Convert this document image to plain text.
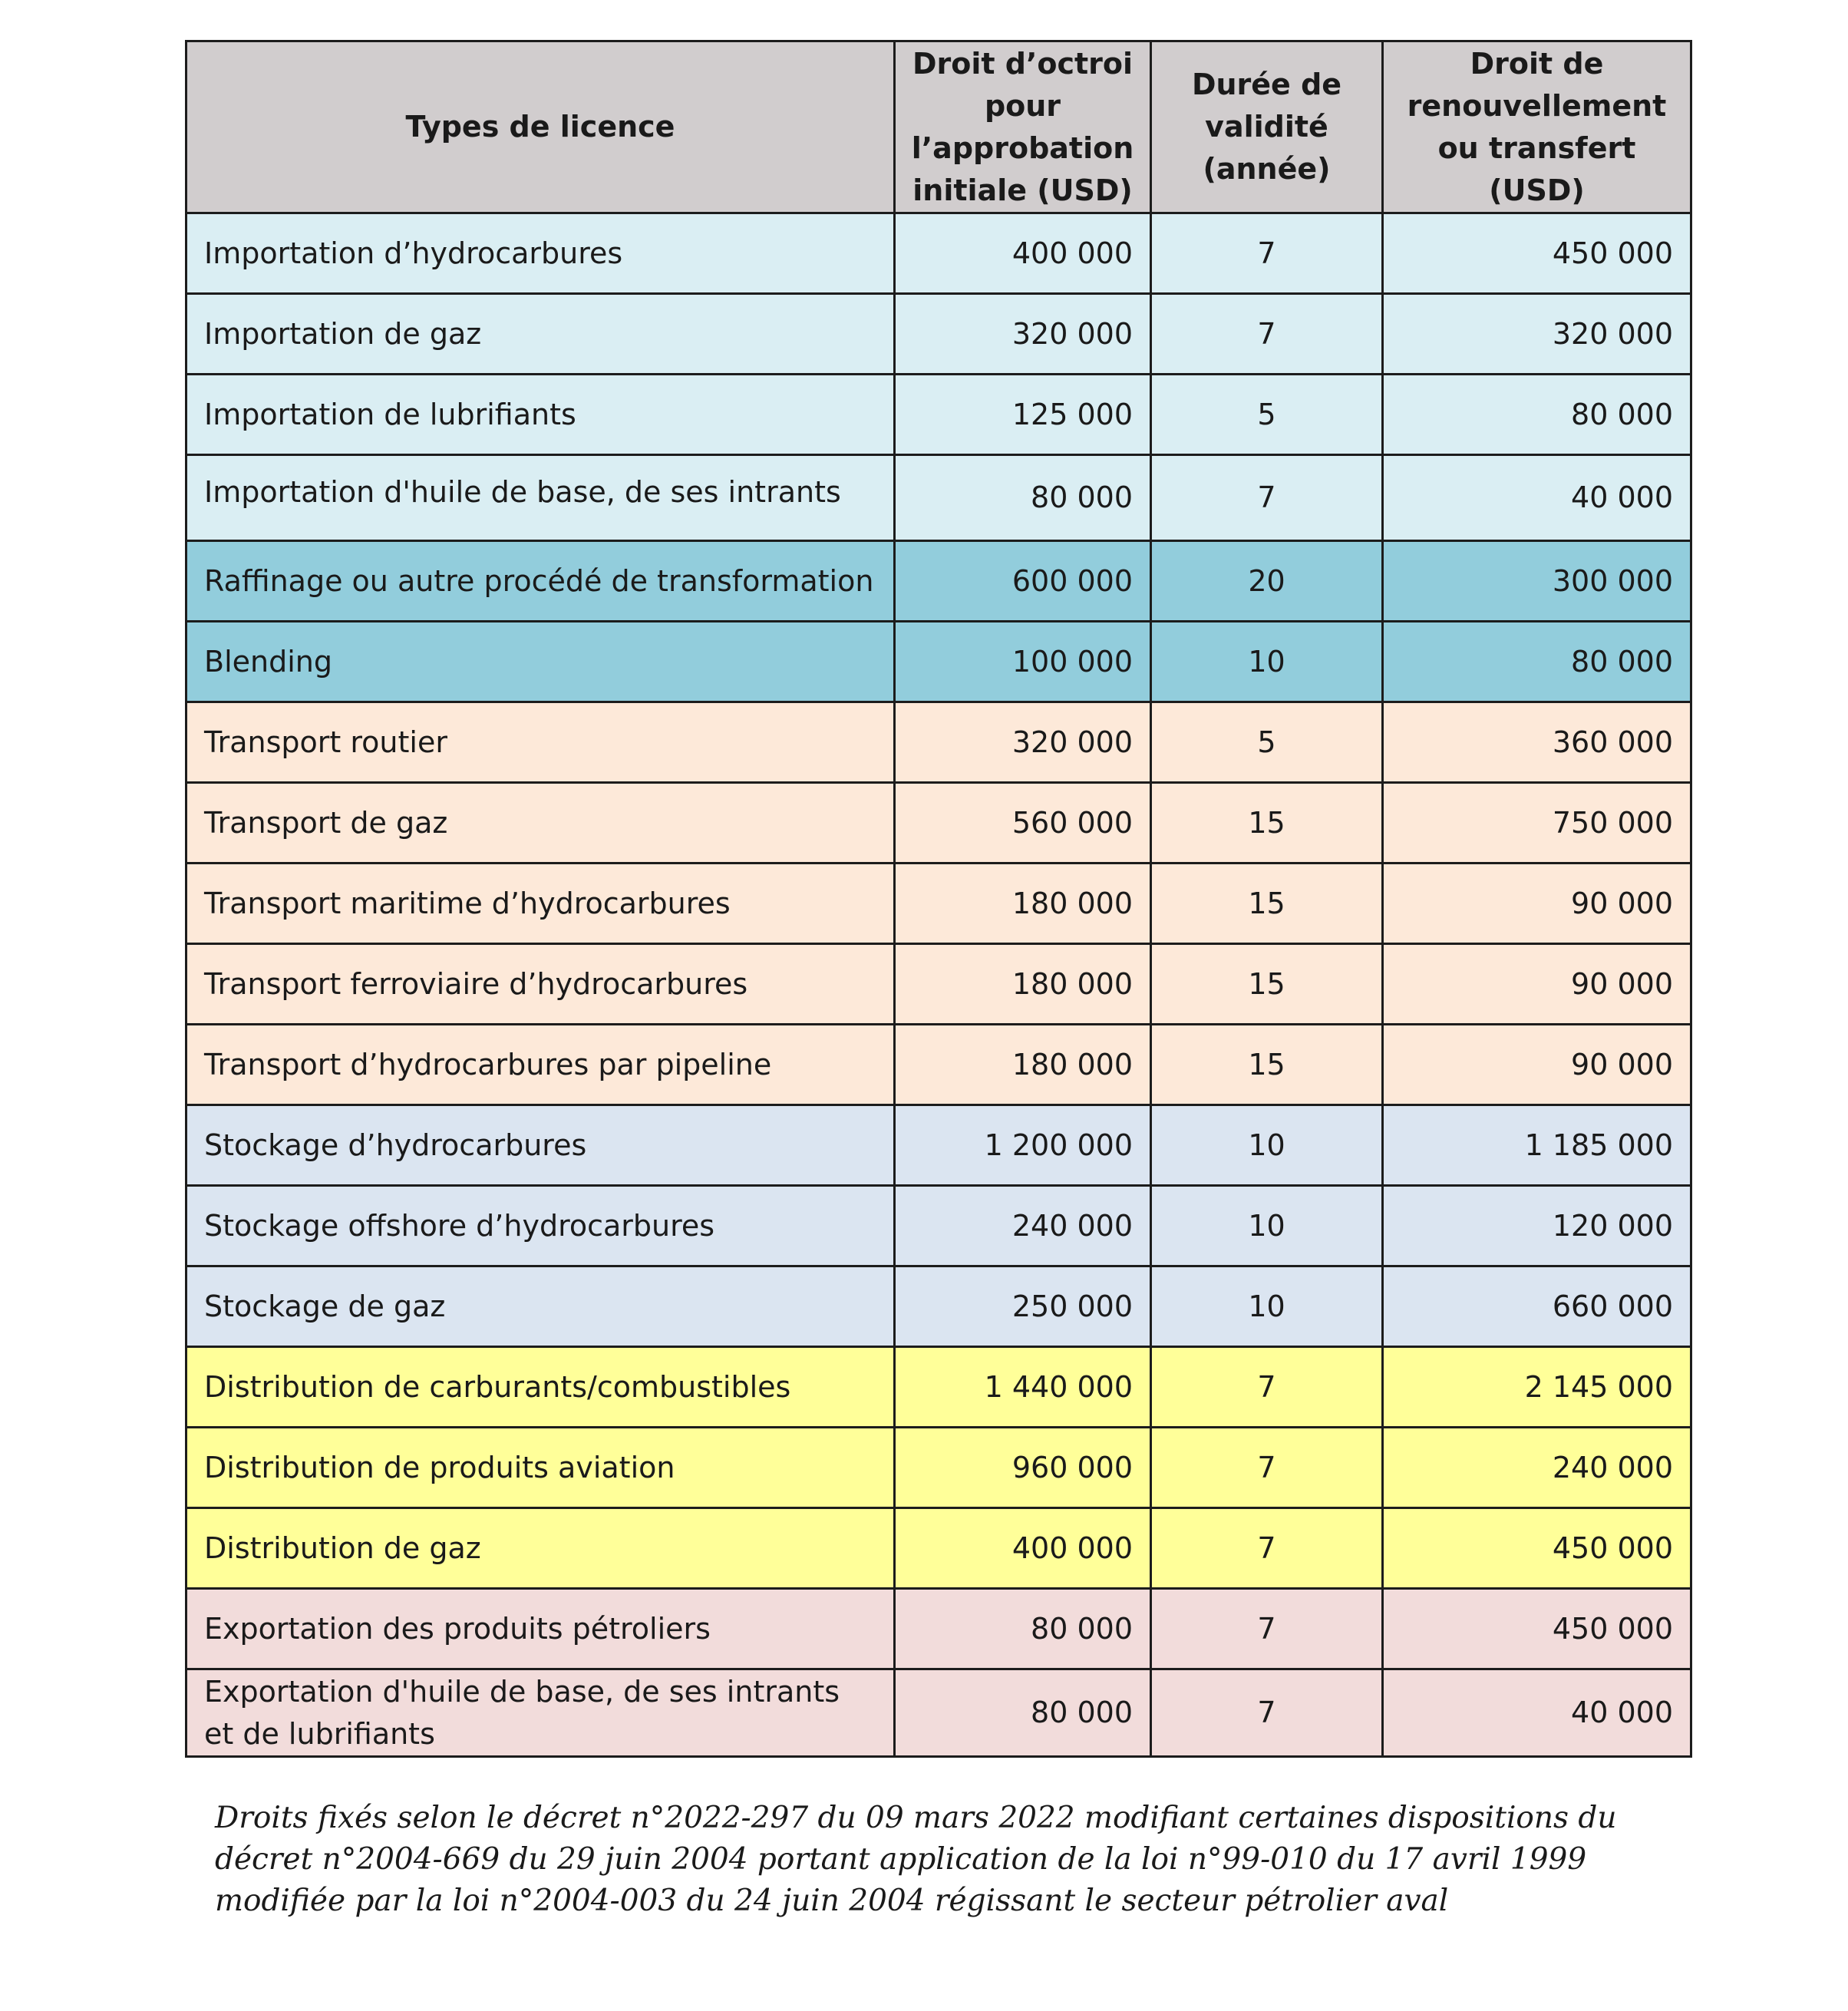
Types de licence	Droit d’octroi pour l’approbation initiale (USD)	Durée de validité (année)	Droit de renouvellement ou transfert (USD)
Importation d’hydrocarbures	400 000	7	450 000
Importation de gaz	320 000	7	320 000
Importation de lubrifiants	125 000	5	80 000
Importation d'huile de base, de ses intrants	80 000	7	40 000
Raffinage ou autre procédé de transformation	600 000	20	300 000
Blending	100 000	10	80 000
Transport routier	320 000	5	360 000
Transport de gaz	560 000	15	750 000
Transport maritime d’hydrocarbures	180 000	15	90 000
Transport ferroviaire d’hydrocarbures	180 000	15	90 000
Transport d’hydrocarbures par pipeline	180 000	15	90 000
Stockage d’hydrocarbures	1 200 000	10	1 185 000
Stockage offshore d’hydrocarbures	240 000	10	120 000
Stockage de gaz	250 000	10	660 000
Distribution de carburants/combustibles	1 440 000	7	2 145 000
Distribution de produits aviation	960 000	7	240 000
Distribution de gaz	400 000	7	450 000
Exportation des produits pétroliers	80 000	7	450 000
Exportation d'huile de base, de ses intrants et de lubrifiants	80 000	7	40 000

Droits fixés selon le décret n°2022-297 du 09 mars 2022 modifiant certaines dispositions du décret n°2004-669 du 29 juin 2004 portant application de la loi n°99-010 du 17 avril 1999 modifiée par la loi n°2004-003 du 24 juin 2004 régissant le secteur pétrolier aval
